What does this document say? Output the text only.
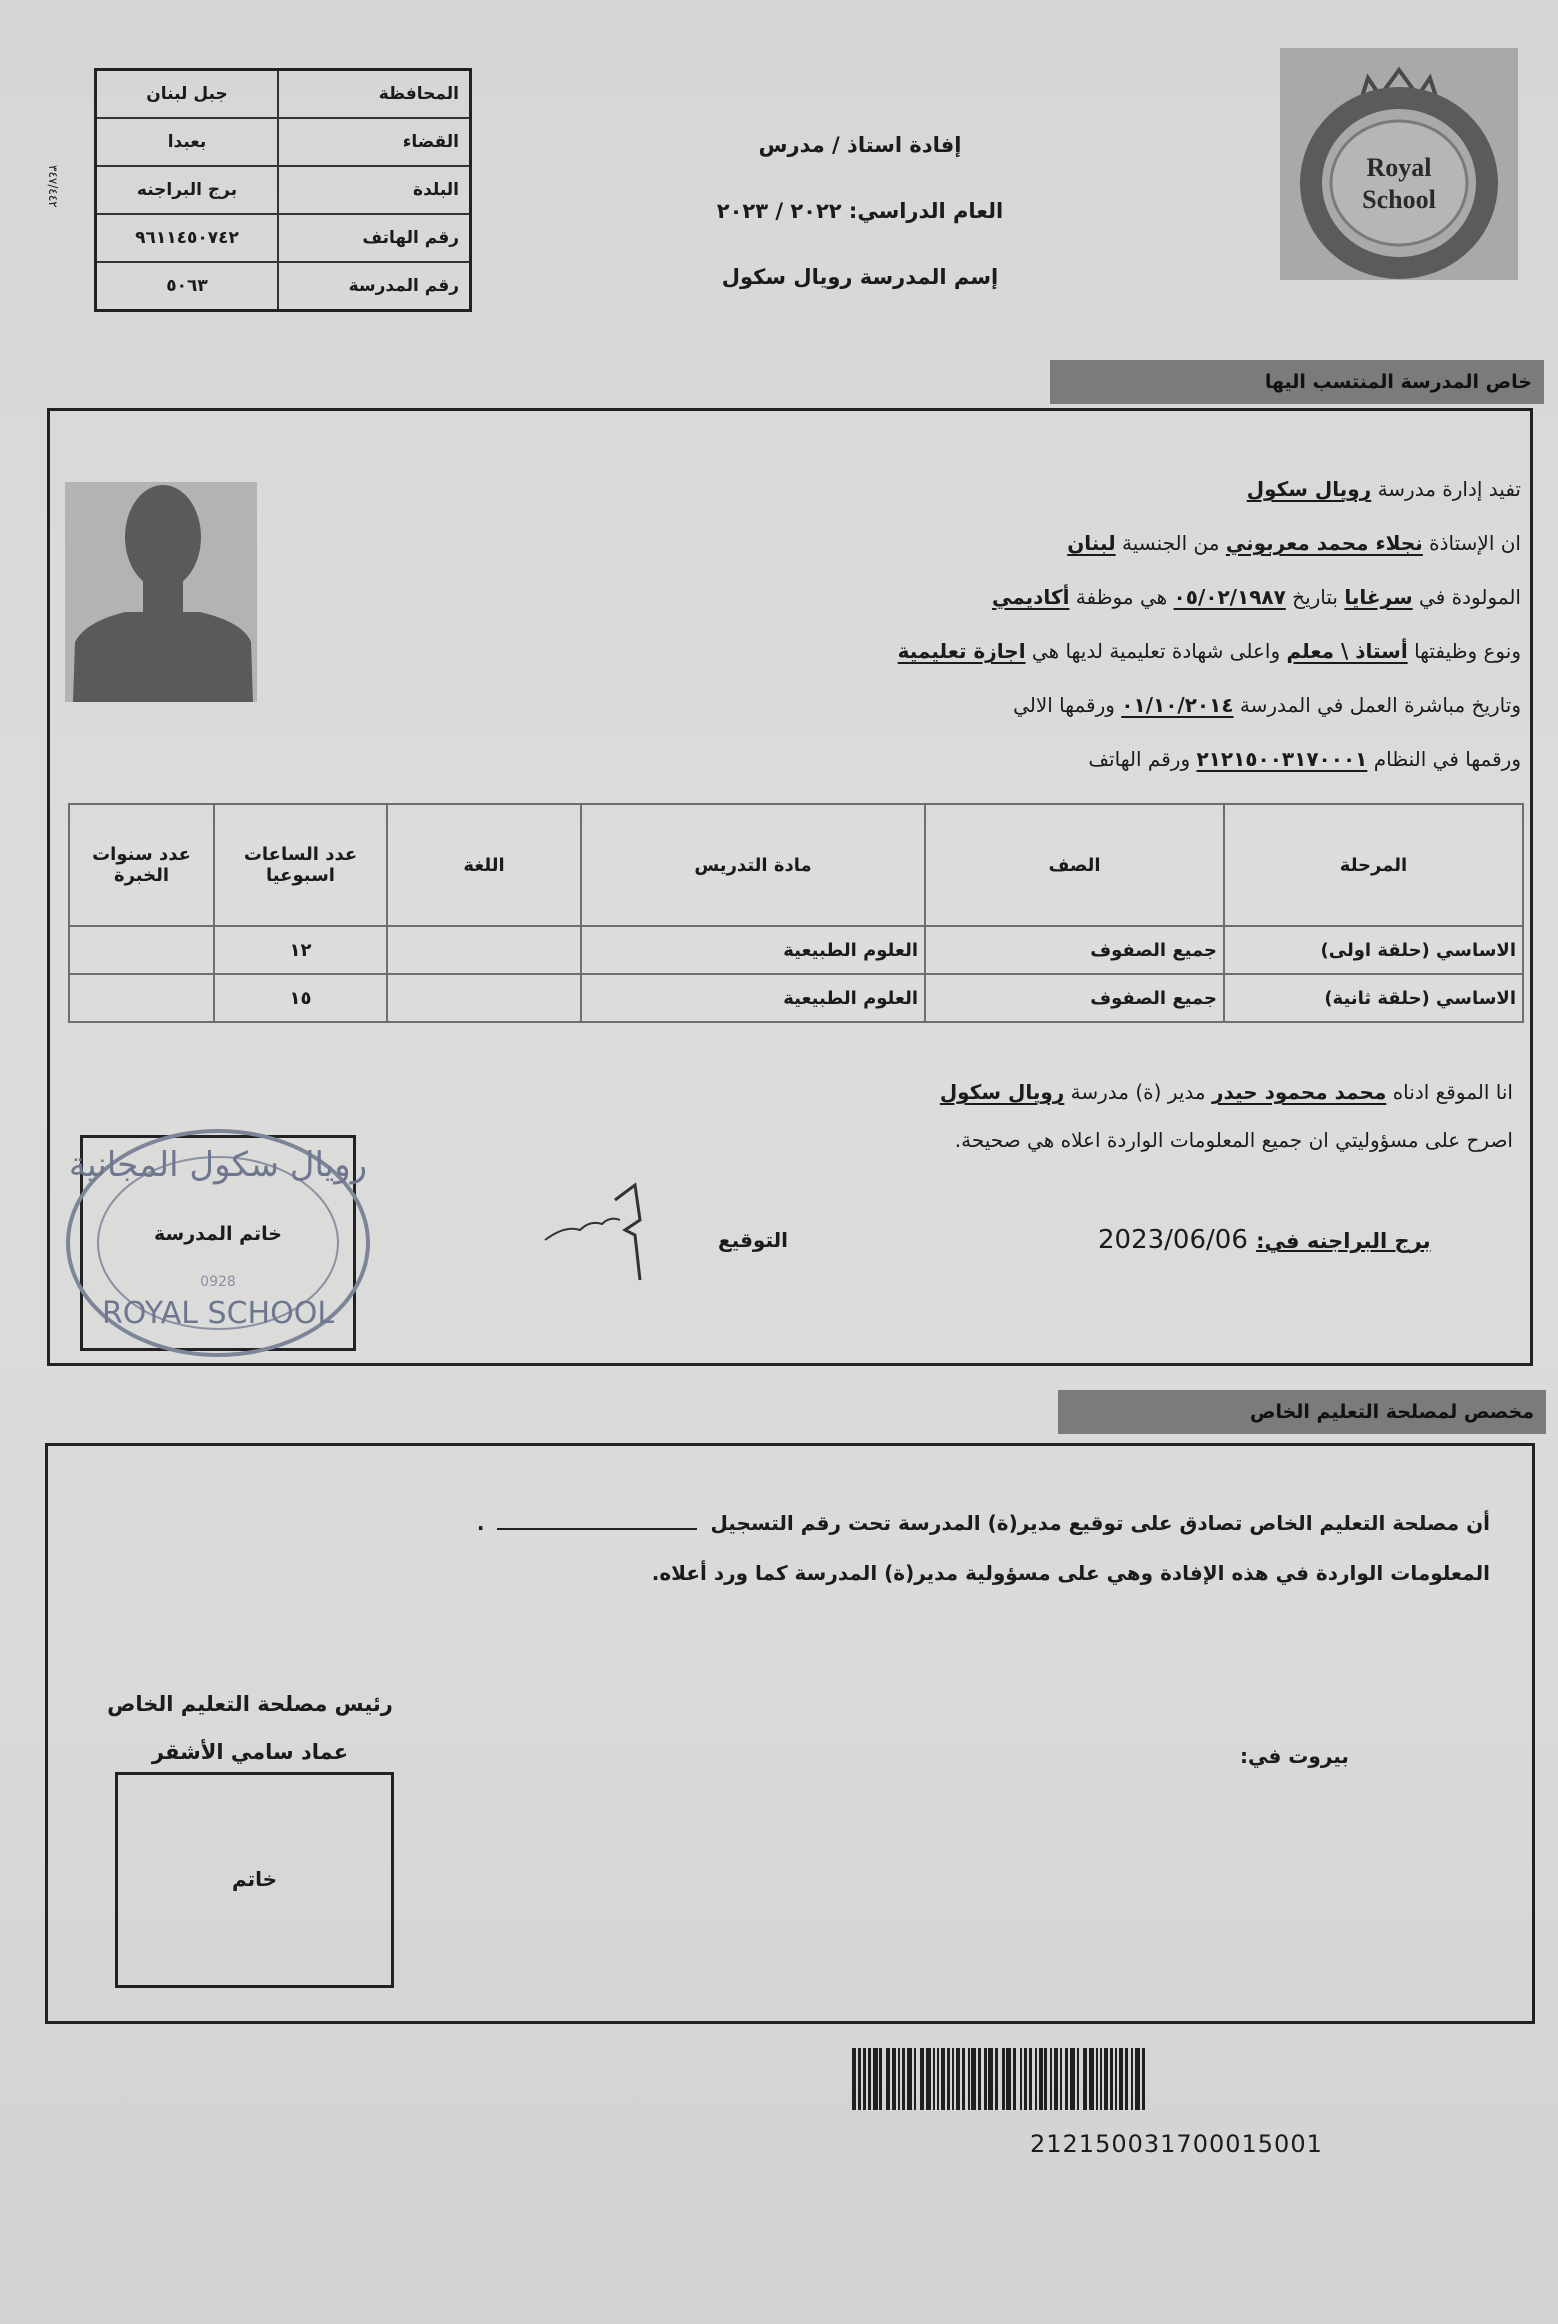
٣٤٧/٤٤٢
المحافظة	جبل لبنان
القضاء	بعبدا
البلدة	برج البراجنه
رقم الهاتف	٩٦١١٤٥٠٧٤٢
رقم المدرسة	٥٠٦٣
إفادة استاذ / مدرس
العام الدراسي: ٢٠٢٢ / ٢٠٢٣
إسم المدرسة رويال سكول
Royal
School
خاص المدرسة المنتسب اليها
تفيد إدارة مدرسة رويال سكول
ان الإستاذة نجلاء محمد معربوني من الجنسية لبنان
المولودة في سرغايا بتاريخ ٠٥/٠٢/١٩٨٧ هي موظفة أكاديمي
ونوع وظيفتها أستاذ \ معلم واعلى شهادة تعليمية لديها هي اجازة تعليمية
وتاريخ مباشرة العمل في المدرسة ٠١/١٠/٢٠١٤ ورقمها الالي
ورقمها في النظام ٢١٢١٥٠٠٣١٧٠٠٠١ ورقم الهاتف
المرحلة	الصف	مادة التدريس	اللغة	عدد الساعات اسبوعيا	عدد سنوات الخبرة
الاساسي (حلقة اولى)	جميع الصفوف	العلوم الطبيعية		١٢	
الاساسي (حلقة ثانية)	جميع الصفوف	العلوم الطبيعية		١٥	
انا الموقع ادناه محمد محمود حيدر مدير (ة) مدرسة رويال سكول
اصرح على مسؤوليتي ان جميع المعلومات الواردة اعلاه هي صحيحة.
رويال سكول المجانية
ROYAL SCHOOL
0928
خاتم المدرسة	التوقيع	برج البراجنه في: 2023/06/06
مخصص لمصلحة التعليم الخاص
أن مصلحة التعليم الخاص تصادق على توقيع مدير(ة) المدرسة تحت رقم التسجيل  .
المعلومات الواردة في هذه الإفادة وهي على مسؤولية مدير(ة) المدرسة كما ورد أعلاه.
رئيس مصلحة التعليم الخاص
عماد سامي الأشقر
خاتم
بيروت في:
212150031700015001
